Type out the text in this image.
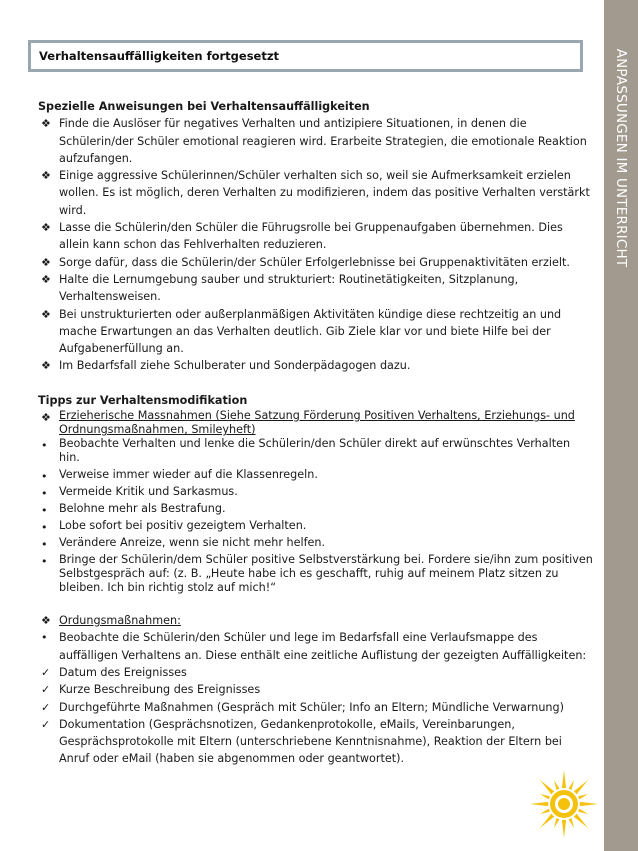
ANPASSUNGEN IM UNTERRICHT
Verhaltensauffälligkeiten fortgesetzt
Spezielle Anweisungen bei Verhaltensauffälligkeiten
❖ Finde die Auslöser für negatives Verhalten und antizipiere Situationen, in denen die Schülerin/der Schüler emotional reagieren wird. Erarbeite Strategien, die emotionale Reaktion aufzufangen.
❖ Einige aggressive Schülerinnen/Schüler verhalten sich so, weil sie Aufmerksamkeit erzielen wollen. Es ist möglich, deren Verhalten zu modifizieren, indem das positive Verhalten verstärkt wird.
❖ Lasse die Schülerin/den Schüler die Führugsrolle bei Gruppenaufgaben übernehmen. Dies allein kann schon das Fehlverhalten reduzieren.
❖ Sorge dafür, dass die Schülerin/der Schüler Erfolgerlebnisse bei Gruppenaktivitäten erzielt.
❖ Halte die Lernumgebung sauber und strukturiert: Routinetätigkeiten, Sitzplanung, Verhaltensweisen.
❖ Bei unstrukturierten oder außerplanmäßigen Aktivitäten kündige diese rechtzeitig an und mache Erwartungen an das Verhalten deutlich. Gib Ziele klar vor und biete Hilfe bei der Aufgabenerfüllung an.
❖ Im Bedarfsfall ziehe Schulberater und Sonderpädagogen dazu.
Tipps zur Verhaltensmodifikation
❖ Erzieherische Massnahmen (Siehe Satzung Förderung Positiven Verhaltens, Erziehungs- und Ordnungsmaßnahmen, Smileyheft)
•	Beobachte Verhalten und lenke die Schülerin/den Schüler direkt auf erwünschtes Verhalten hin.
•	Verweise immer wieder auf die Klassenregeln.
•	Vermeide Kritik und Sarkasmus.
•	Belohne mehr als Bestrafung.
•	Lobe sofort bei positiv gezeigtem Verhalten.
•	Verändere Anreize, wenn sie nicht mehr helfen.
•	Bringe der Schülerin/dem Schüler positive Selbstverstärkung bei. Fordere sie/ihn zum positiven Selbstgespräch auf: (z. B. „Heute habe ich es geschafft, ruhig auf meinem Platz sitzen zu bleiben. Ich bin richtig stolz auf mich!“
❖ Ordungsmaßnahmen:
•	Beobachte die Schülerin/den Schüler und lege im Bedarfsfall eine Verlaufsmappe des auffälligen Verhaltens an. Diese enthält eine zeitliche Auflistung der gezeigten Auffälligkeiten:
✓ Datum des Ereignisses
✓ Kurze Beschreibung des Ereignisses
✓ Durchgeführte Maßnahmen (Gespräch mit Schüler; Info an Eltern; Mündliche Verwarnung)
✓ Dokumentation (Gesprächsnotizen, Gedankenprotokolle, eMails, Vereinbarungen, Gesprächsprotokolle mit Eltern (unterschriebene Kenntnisnahme), Reaktion der Eltern bei Anruf oder eMail (haben sie abgenommen oder geantwortet).
